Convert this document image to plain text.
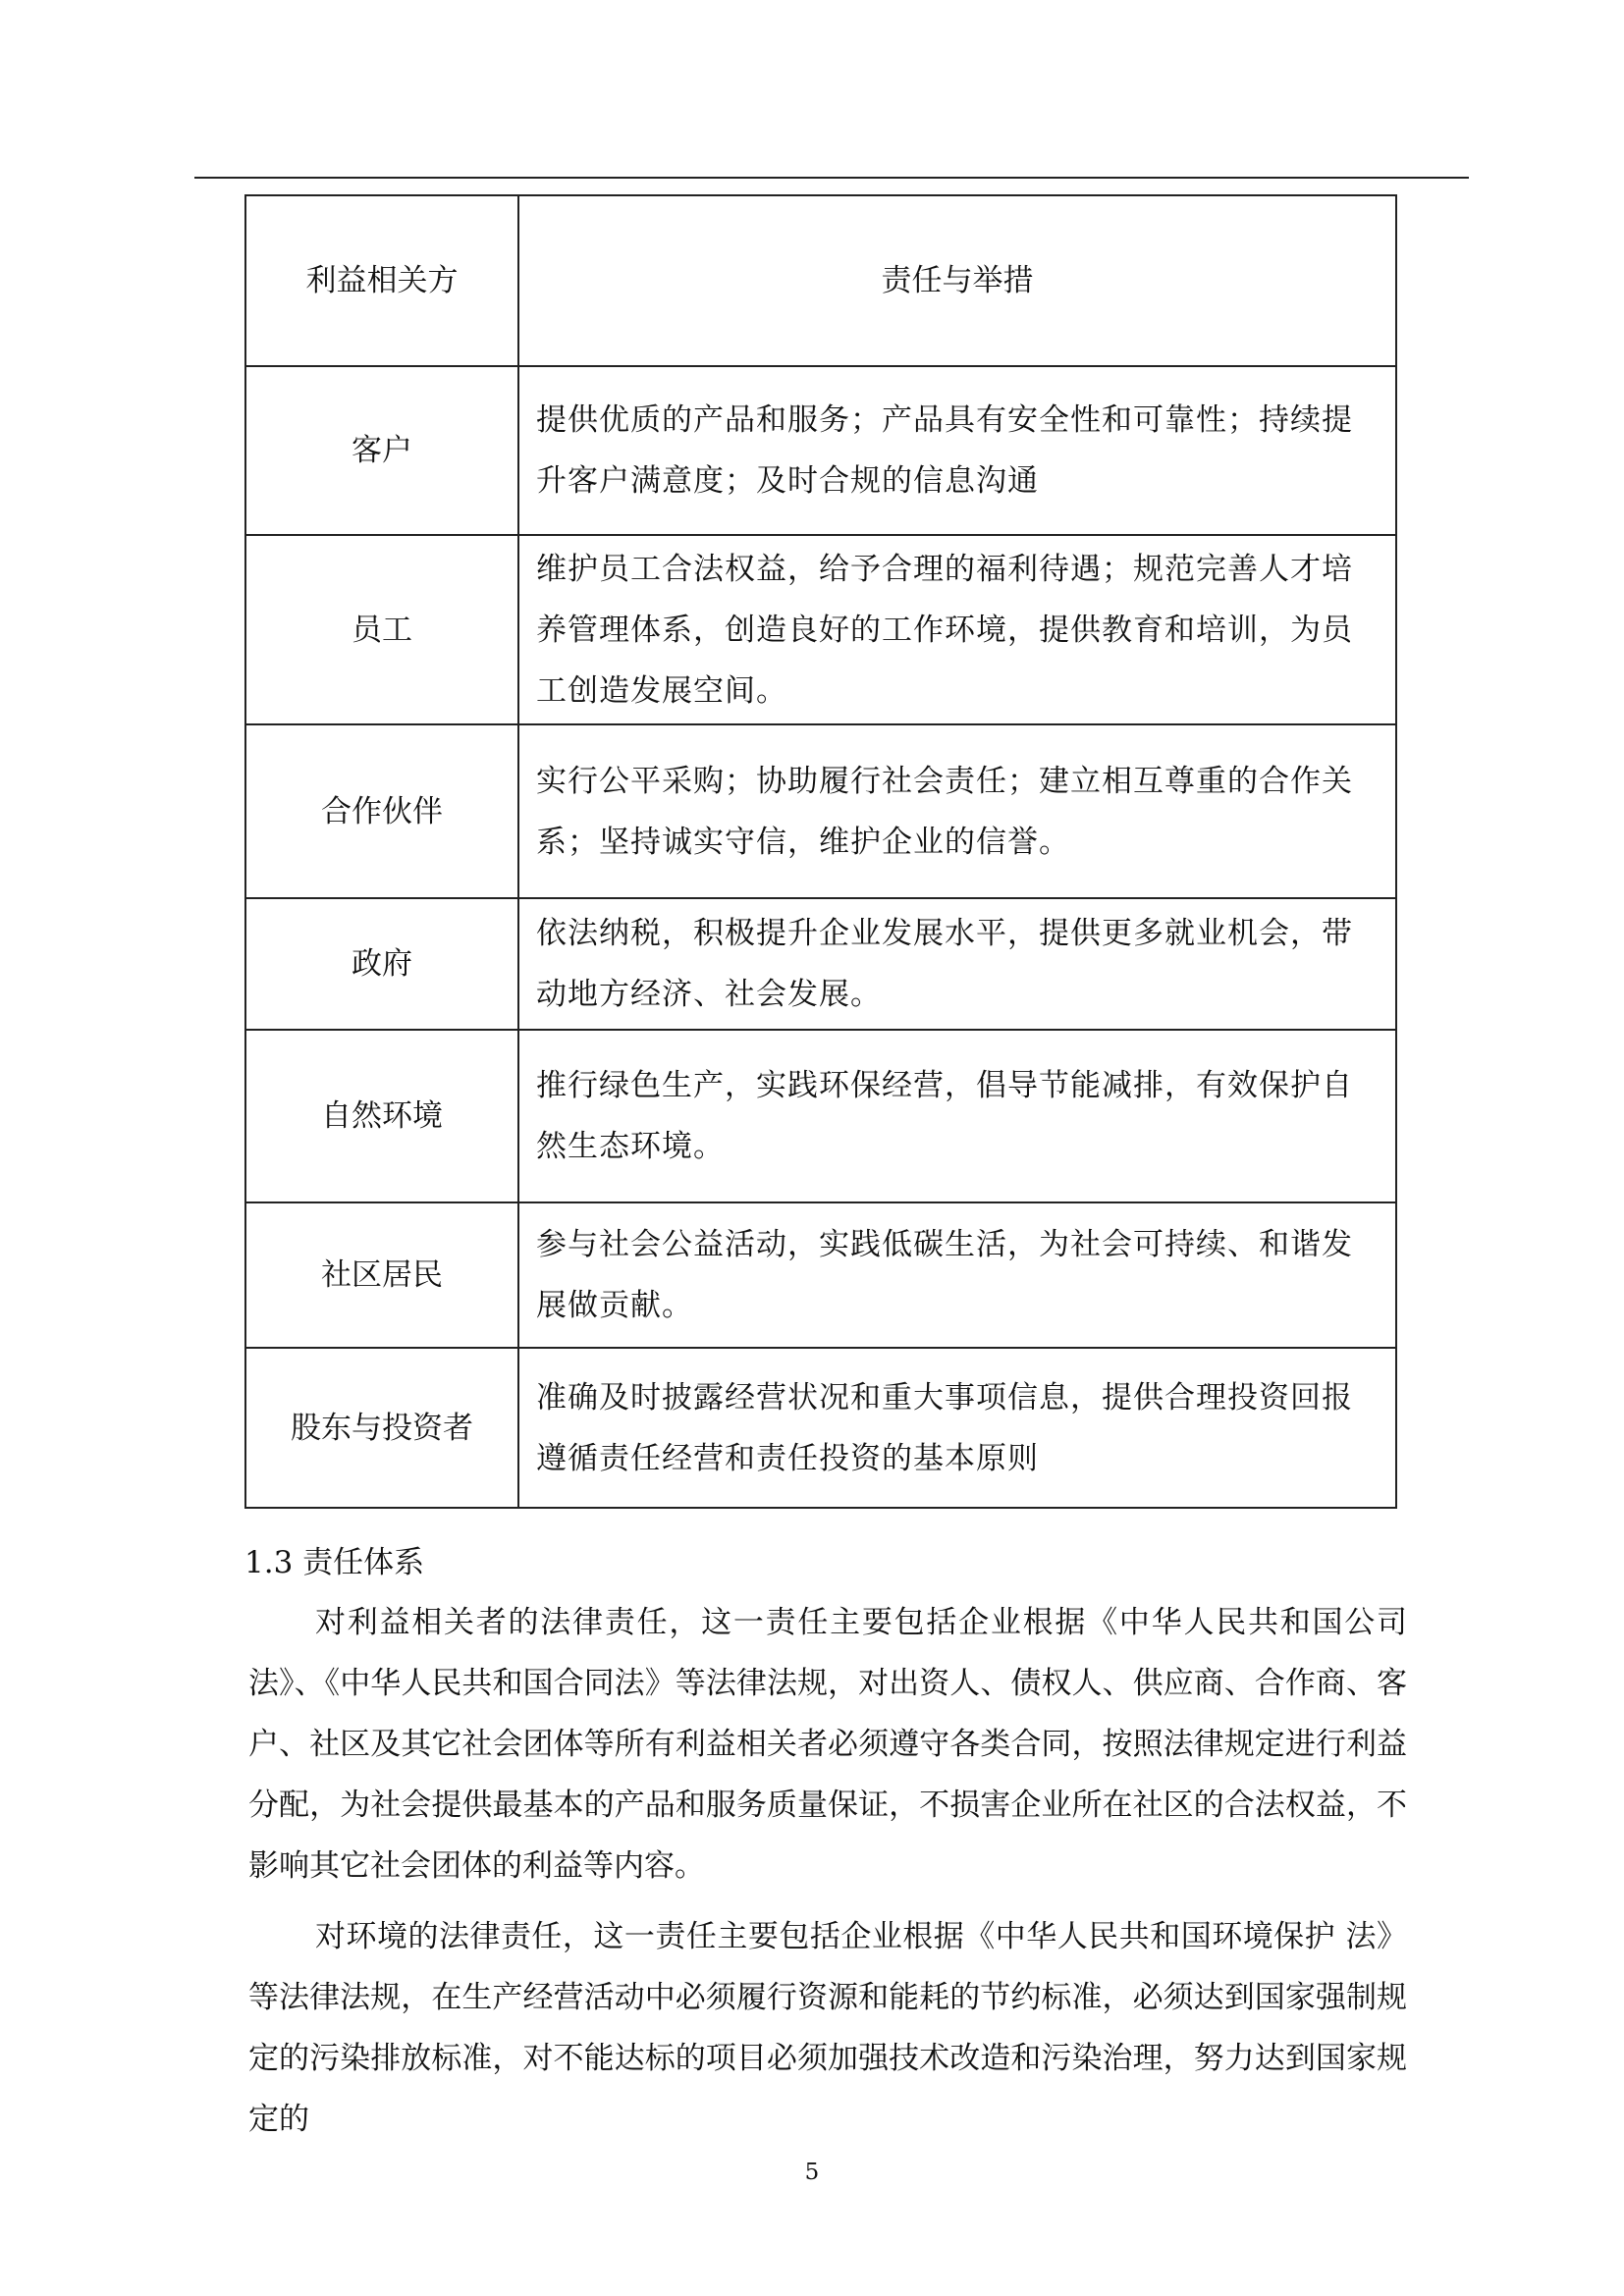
利益相关方	责任与举措
客户	提供优质的产品和服务；产品具有安全性和可靠性；持续提升客户满意度；及时合规的信息沟通
员工	维护员工合法权益，给予合理的福利待遇；规范完善人才培养管理体系，创造良好的工作环境，提供教育和培训，为员工创造发展空间。
合作伙伴	实行公平采购；协助履行社会责任；建立相互尊重的合作关系；坚持诚实守信，维护企业的信誉。
政府	依法纳税，积极提升企业发展水平，提供更多就业机会，带动地方经济、社会发展。
自然环境	推行绿色生产，实践环保经营，倡导节能减排，有效保护自然生态环境。
社区居民	参与社会公益活动，实践低碳生活，为社会可持续、和谐发展做贡献。
股东与投资者	准确及时披露经营状况和重大事项信息，提供合理投资回报遵循责任经营和责任投资的基本原则
1.3 责任体系

对利益相关者的法律责任，这一责任主要包括企业根据《中华人民共和国公司法》、《中华人民共和国合同法》等法律法规，对出资人、债权人、供应商、合作商、客户、社区及其它社会团体等所有利益相关者必须遵守各类合同，按照法律规定进行利益分配，为社会提供最基本的产品和服务质量保证，不损害企业所在社区的合法权益，不影响其它社会团体的利益等内容。

对环境的法律责任，这一责任主要包括企业根据《中华人民共和国环境保护 法》等法律法规，在生产经营活动中必须履行资源和能耗的节约标准，必须达到国家强制规定的污染排放标准，对不能达标的项目必须加强技术改造和污染治理，努力达到国家规定的

5
